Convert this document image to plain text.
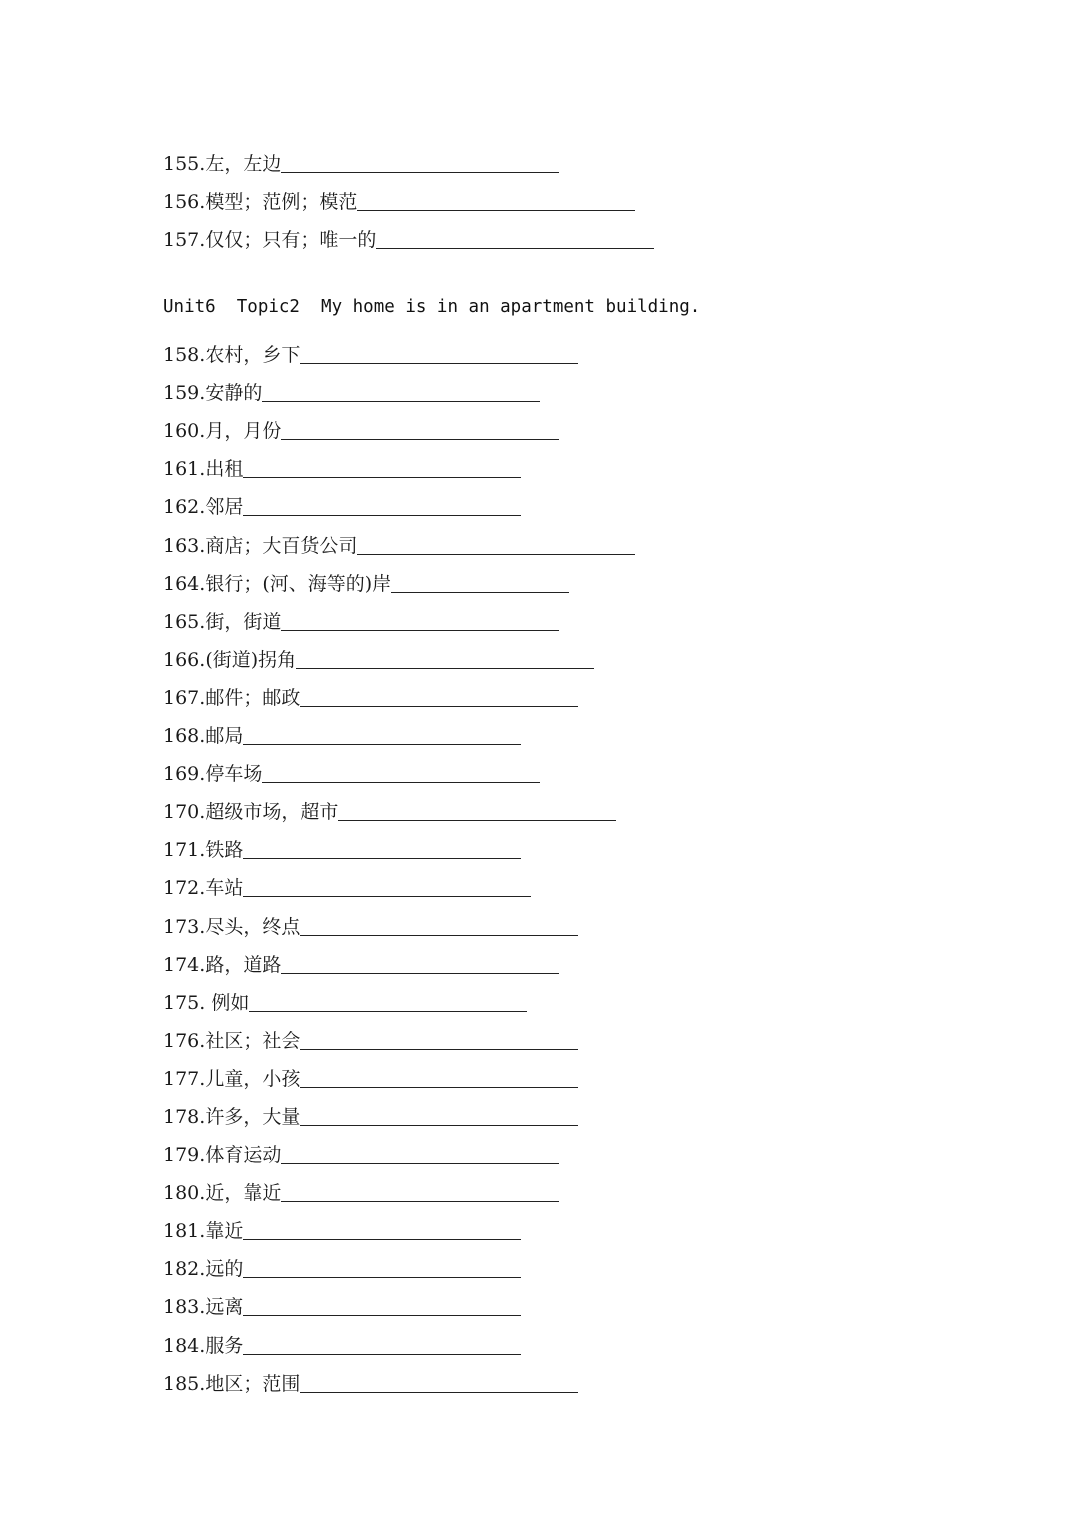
155. 左，左边
156. 模型；范例；模范
157. 仅仅；只有；唯一的
Unit6  Topic2  My home is in an apartment building.
158. 农村，乡下
159. 安静的
160. 月，月份
161. 出租
162. 邻居
163. 商店；大百货公司
164. 银行；(河、海等的)岸
165. 街，街道
166. (街道)拐角
167. 邮件；邮政
168. 邮局
169. 停车场
170. 超级市场，超市
171. 铁路
172. 车站
173. 尽头，终点
174. 路，道路
175. 例如
176. 社区；社会
177. 儿童，小孩
178. 许多，大量
179. 体育运动
180. 近，靠近
181. 靠近
182. 远的
183. 远离
184. 服务
185. 地区；范围
